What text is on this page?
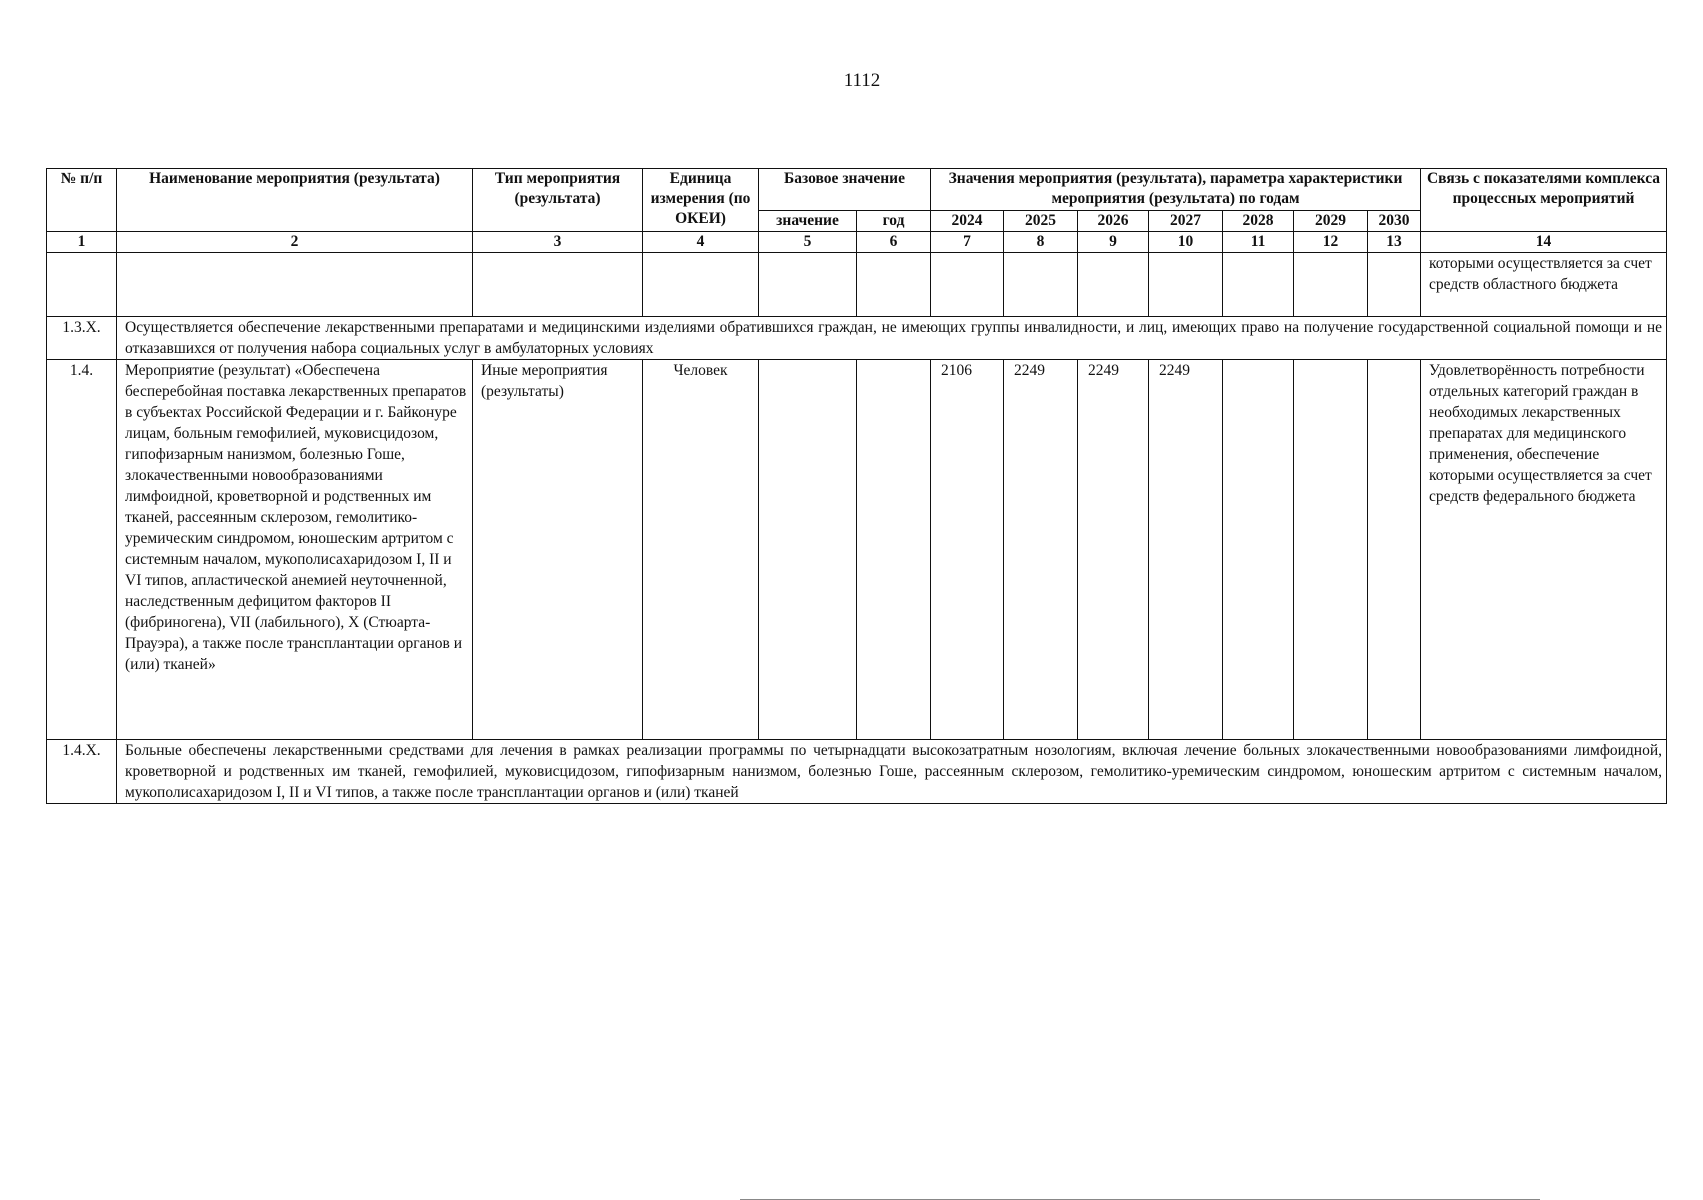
1112
№ п/п	Наименование мероприятия (результата)	Тип мероприятия (результата)	Единица измерения (по ОКЕИ)	Базовое значение		Значения мероприятия (результата), параметра характеристики мероприятия (результата) по годам							Связь с показателями комплекса процессных мероприятий
				значение	год	2024	2025	2026	2027	2028	2029	2030	
1	2	3	4	5	6	7	8	9	10	11	12	13	14
													которыми осуществляется за счет средств областного бюджета
1.3.X.	Осуществляется обеспечение лекарственными препаратами и медицинскими изделиями обратившихся граждан, не имеющих группы инвалидности, и лиц, имеющих право на получение государственной социальной помощи и не отказавшихся от получения набора социальных услуг в амбулаторных условиях												
1.4.	Мероприятие (результат) «Обеспечена бесперебойная поставка лекарственных препаратов в субъектах Российской Федерации и г. Байконуре лицам, больным гемофилией, муковисцидозом, гипофизарным нанизмом, болезнью Гоше, злокачественными новообразованиями лимфоидной, кроветворной и родственных им тканей, рассеянным склерозом, гемолитико-уремическим синдромом, юношеским артритом с системным началом, мукополисахаридозом I, II и VI типов, апластической анемией неуточненной, наследственным дефицитом факторов II (фибриногена), VII (лабильного), X (Стюарта-Прауэра), а также после трансплантации органов и (или) тканей»	Иные мероприятия (результаты)	Человек			2106	2249	2249	2249				Удовлетворённость потребности отдельных категорий граждан в необходимых лекарственных препаратах для медицинского применения, обеспечение которыми осуществляется за счет средств федерального бюджета
1.4.X.	Больные обеспечены лекарственными средствами для лечения в рамках реализации программы по четырнадцати высокозатратным нозологиям, включая лечение больных злокачественными новообразованиями лимфоидной, кроветворной и родственных им тканей, гемофилией, муковисцидозом, гипофизарным нанизмом, болезнью Гоше, рассеянным склерозом, гемолитико-уремическим синдромом, юношеским артритом с системным началом, мукополисахаридозом I, II и VI типов, а также после трансплантации органов и (или) тканей												
